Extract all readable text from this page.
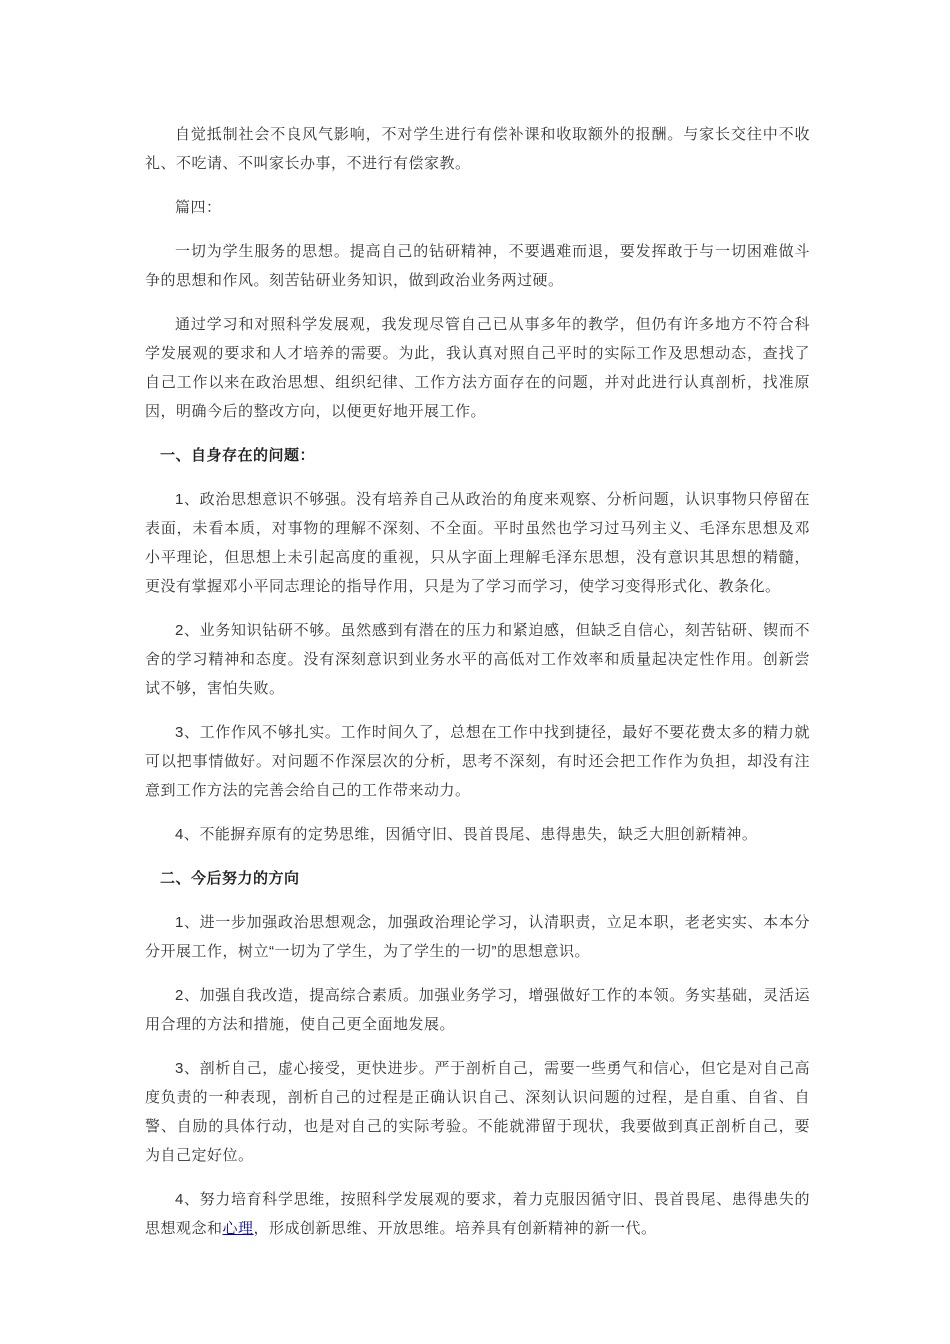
自觉抵制社会不良风气影响，不对学生进行有偿补课和收取额外的报酬。与家长交往中不收礼、不吃请、不叫家长办事，不进行有偿家教。

篇四：

一切为学生服务的思想。提高自己的钻研精神，不要遇难而退，要发挥敢于与一切困难做斗争的思想和作风。刻苦钻研业务知识，做到政治业务两过硬。

通过学习和对照科学发展观，我发现尽管自己已从事多年的教学，但仍有许多地方不符合科学发展观的要求和人才培养的需要。为此，我认真对照自己平时的实际工作及思想动态，查找了自己工作以来在政治思想、组织纪律、工作方法方面存在的问题，并对此进行认真剖析，找准原因，明确今后的整改方向，以便更好地开展工作。

一、自身存在的问题：

1、政治思想意识不够强。没有培养自己从政治的角度来观察、分析问题，认识事物只停留在表面，未看本质，对事物的理解不深刻、不全面。平时虽然也学习过马列主义、毛泽东思想及邓小平理论，但思想上未引起高度的重视，只从字面上理解毛泽东思想，没有意识其思想的精髓，更没有掌握邓小平同志理论的指导作用，只是为了学习而学习，使学习变得形式化、教条化。

2、业务知识钻研不够。虽然感到有潜在的压力和紧迫感，但缺乏自信心，刻苦钻研、锲而不舍的学习精神和态度。没有深刻意识到业务水平的高低对工作效率和质量起决定性作用。创新尝试不够，害怕失败。

3、工作作风不够扎实。工作时间久了，总想在工作中找到捷径，最好不要花费太多的精力就可以把事情做好。对问题不作深层次的分析，思考不深刻，有时还会把工作作为负担，却没有注意到工作方法的完善会给自己的工作带来动力。

4、不能摒弃原有的定势思维，因循守旧、畏首畏尾、患得患失，缺乏大胆创新精神。

二、今后努力的方向

1、进一步加强政治思想观念，加强政治理论学习，认清职责，立足本职，老老实实、本本分分开展工作，树立“一切为了学生，为了学生的一切”的思想意识。

2、加强自我改造，提高综合素质。加强业务学习，增强做好工作的本领。务实基础，灵活运用合理的方法和措施，使自己更全面地发展。

3、剖析自己，虚心接受，更快进步。严于剖析自己，需要一些勇气和信心，但它是对自己高度负责的一种表现，剖析自己的过程是正确认识自己、深刻认识问题的过程，是自重、自省、自警、自励的具体行动，也是对自己的实际考验。不能就滞留于现状，我要做到真正剖析自己，要为自己定好位。

4、努力培育科学思维，按照科学发展观的要求，着力克服因循守旧、畏首畏尾、患得患失的思想观念和心理，形成创新思维、开放思维。培养具有创新精神的新一代。
